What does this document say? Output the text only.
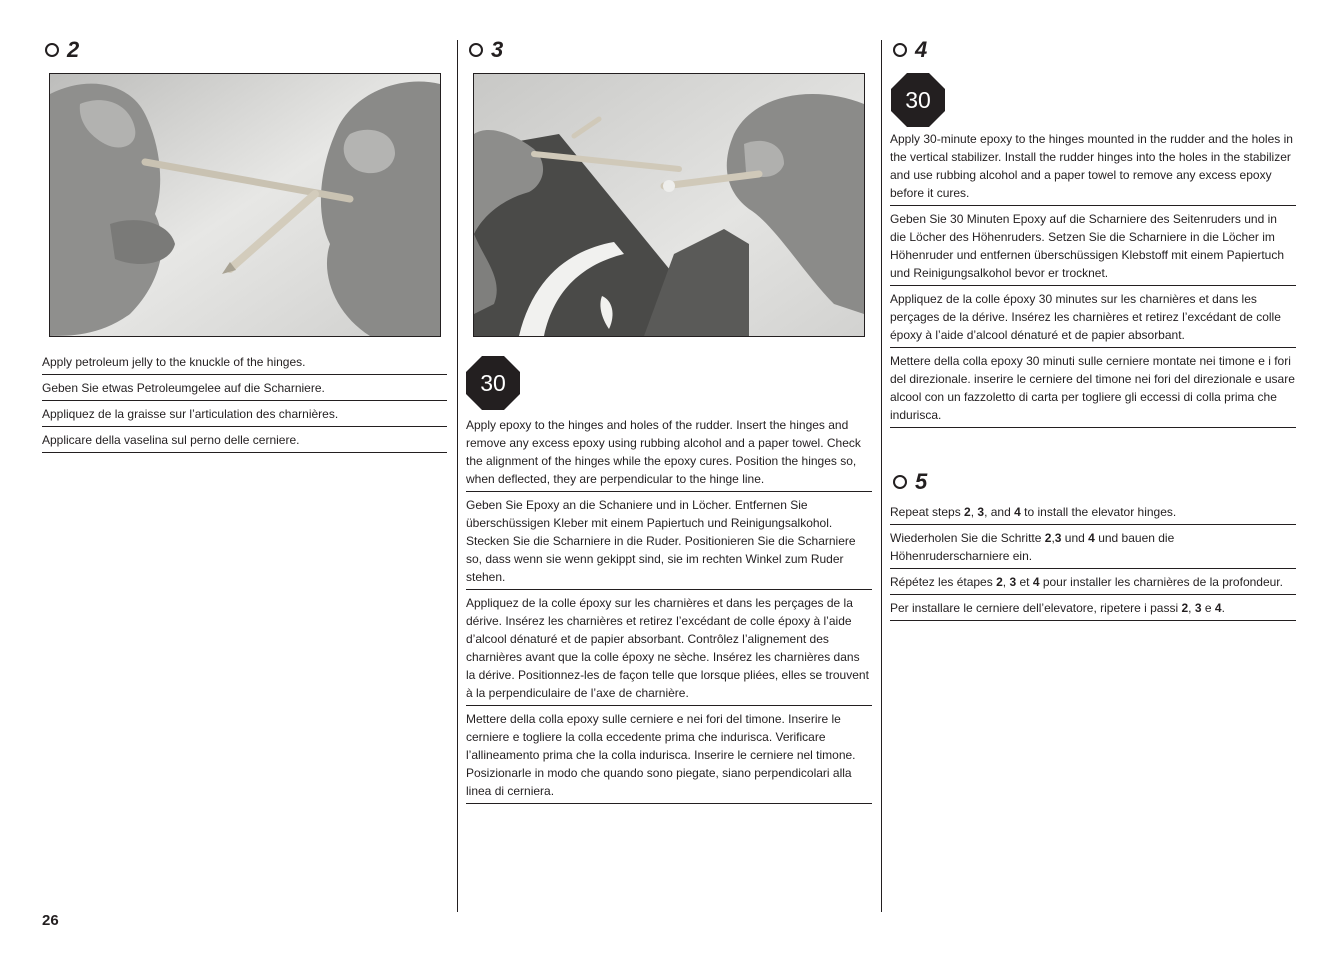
2

Apply petroleum jelly to the knuckle of the hinges.

Geben Sie etwas Petroleumgelee auf die Scharniere.

Appliquez de la graisse sur l’articulation des charnières.

Applicare della vaselina sul perno delle cerniere.

3
30

Apply epoxy to the hinges and holes of the rudder. Insert the hinges and remove any excess epoxy using rubbing alcohol and a paper towel. Check the alignment of the hinges while the epoxy cures. Position the hinges so, when deflected, they are perpendicular to the hinge line.

Geben Sie Epoxy an die Schaniere und in Löcher. Entfernen Sie überschüssigen Kleber mit einem Papiertuch und Reinigungsalkohol. Stecken Sie die Scharniere in die Ruder. Positionieren Sie die Scharniere so, dass wenn sie wenn gekippt sind, sie im rechten Winkel zum Ruder stehen.

Appliquez de la colle époxy sur les charnières et dans les perçages de la dérive. Insérez les charnières et retirez l’excédant de colle époxy à l’aide d’alcool dénaturé et de papier absorbant. Contrôlez l’alignement des charnières avant que la colle époxy ne sèche. Insérez les charnières dans la dérive. Positionnez-les de façon telle que lorsque pliées, elles se trouvent à la perpendiculaire de l’axe de charnière.

Mettere della colla epoxy sulle cerniere e nei fori del timone. Inserire le cerniere e togliere la colla eccedente prima che indurisca. Verificare l’allineamento prima che la colla indurisca. Inserire le cerniere nel timone. Posizionarle in modo che quando sono piegate, siano perpendicolari alla linea di cerniera.

4
30

Apply 30-minute epoxy to the hinges mounted in the rudder and the holes in the vertical stabilizer. Install the rudder hinges into the holes in the stabilizer and use rubbing alcohol and a paper towel to remove any excess epoxy before it cures.

Geben Sie 30 Minuten Epoxy auf die Scharniere des Seitenruders und in die Löcher des Höhenruders. Setzen Sie die Scharniere in die Löcher im Höhenruder und entfernen überschüssigen Klebstoff mit einem Papiertuch und Reinigungsalkohol bevor er trocknet.

Appliquez de la colle époxy 30 minutes sur les charnières et dans les perçages de la dérive. Insérez les charnières et retirez l’excédant de colle époxy à l’aide d’alcool dénaturé et de papier absorbant.

Mettere della colla epoxy 30 minuti sulle cerniere montate nei timone e i fori del direzionale. inserire le cerniere del timone nei fori del direzionale e usare alcool con un fazzoletto di carta per togliere gli eccessi di colla prima che indurisca.

5

Repeat steps 2, 3, and 4 to install the elevator hinges.

Wiederholen Sie die Schritte 2,3 und 4 und bauen die Höhenruderscharniere ein.

Répétez les étapes 2, 3 et 4 pour installer les charnières de la profondeur.

Per installare le cerniere dell’elevatore, ripetere i passi 2, 3 e 4.

26
